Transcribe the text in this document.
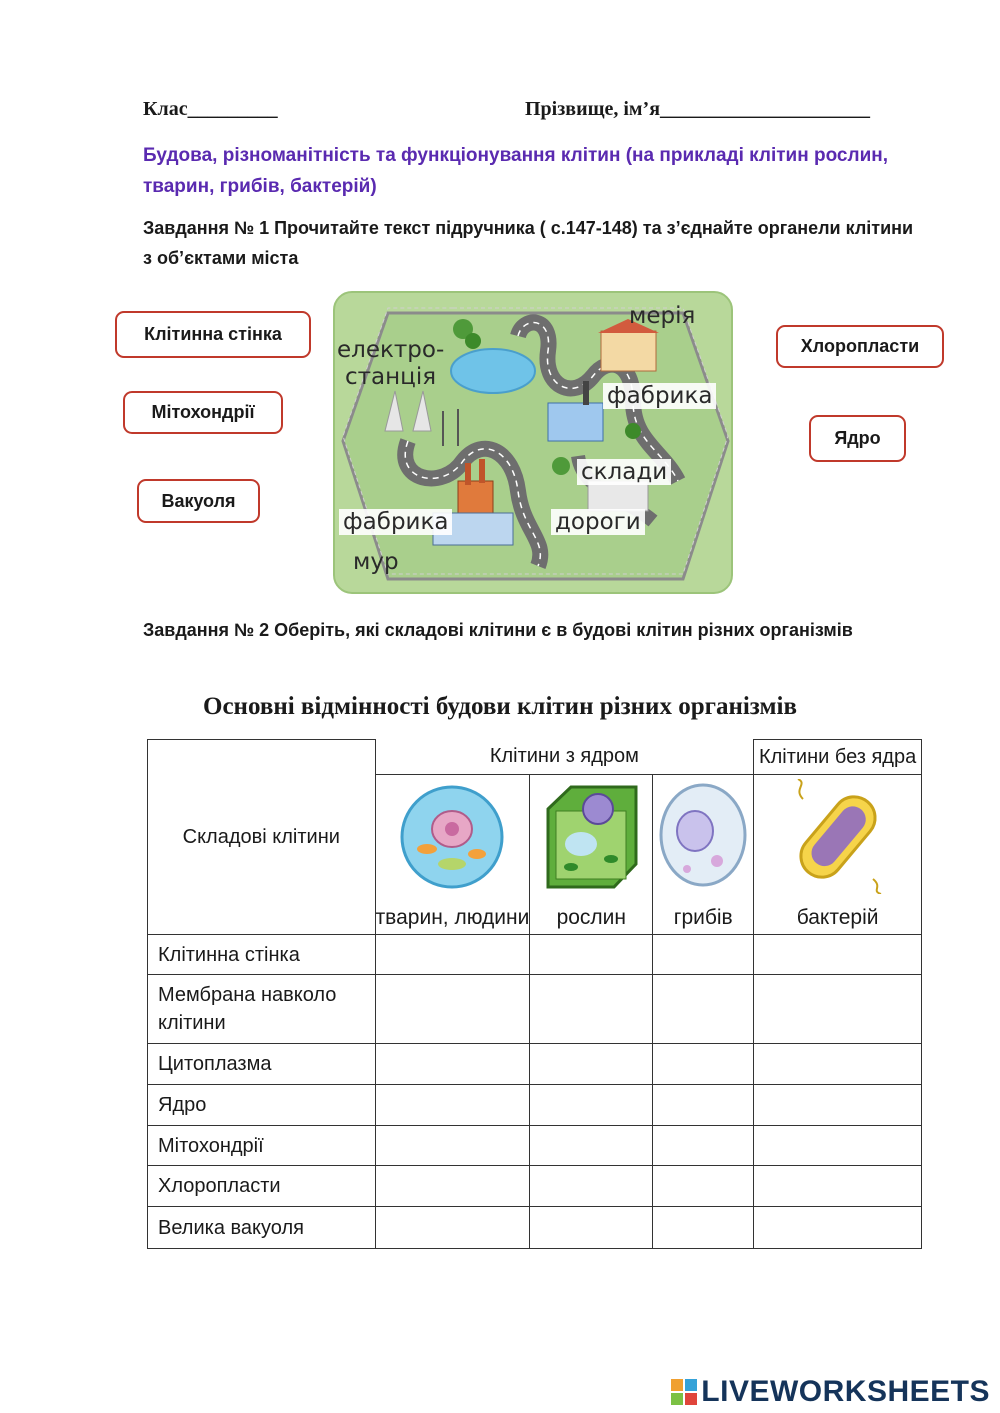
Клас_________	Прізвище, ім’я_____________________
Будова, різноманітність та функціонування клітин (на прикладі клітин рослин, тварин, грибів, бактерій)
Завдання № 1 Прочитайте текст підручника ( с.147-148) та з’єднайте органели клітини з об’єктами міста
Клітинна стінка
Мітохондрії
Вакуоля
Хлоропласти
Ядро
електро-
станція
мерія
фабрика
склади
дороги
фабрика
мур
Завдання № 2 Оберіть, які складові клітини є в будові клітин різних організмів
Основні відмінності будови клітин різних організмів
Складові клітини	Клітини з ядром			Клітини без ядра

	тварин, людини	рослин	грибів	бактерій

Клітинна стінка				
Мембрана навколо клітини				
Цитоплазма				
Ядро				
Мітохондрії				
Хлоропласти				
Велика вакуоля				
LIVEWORKSHEETS
